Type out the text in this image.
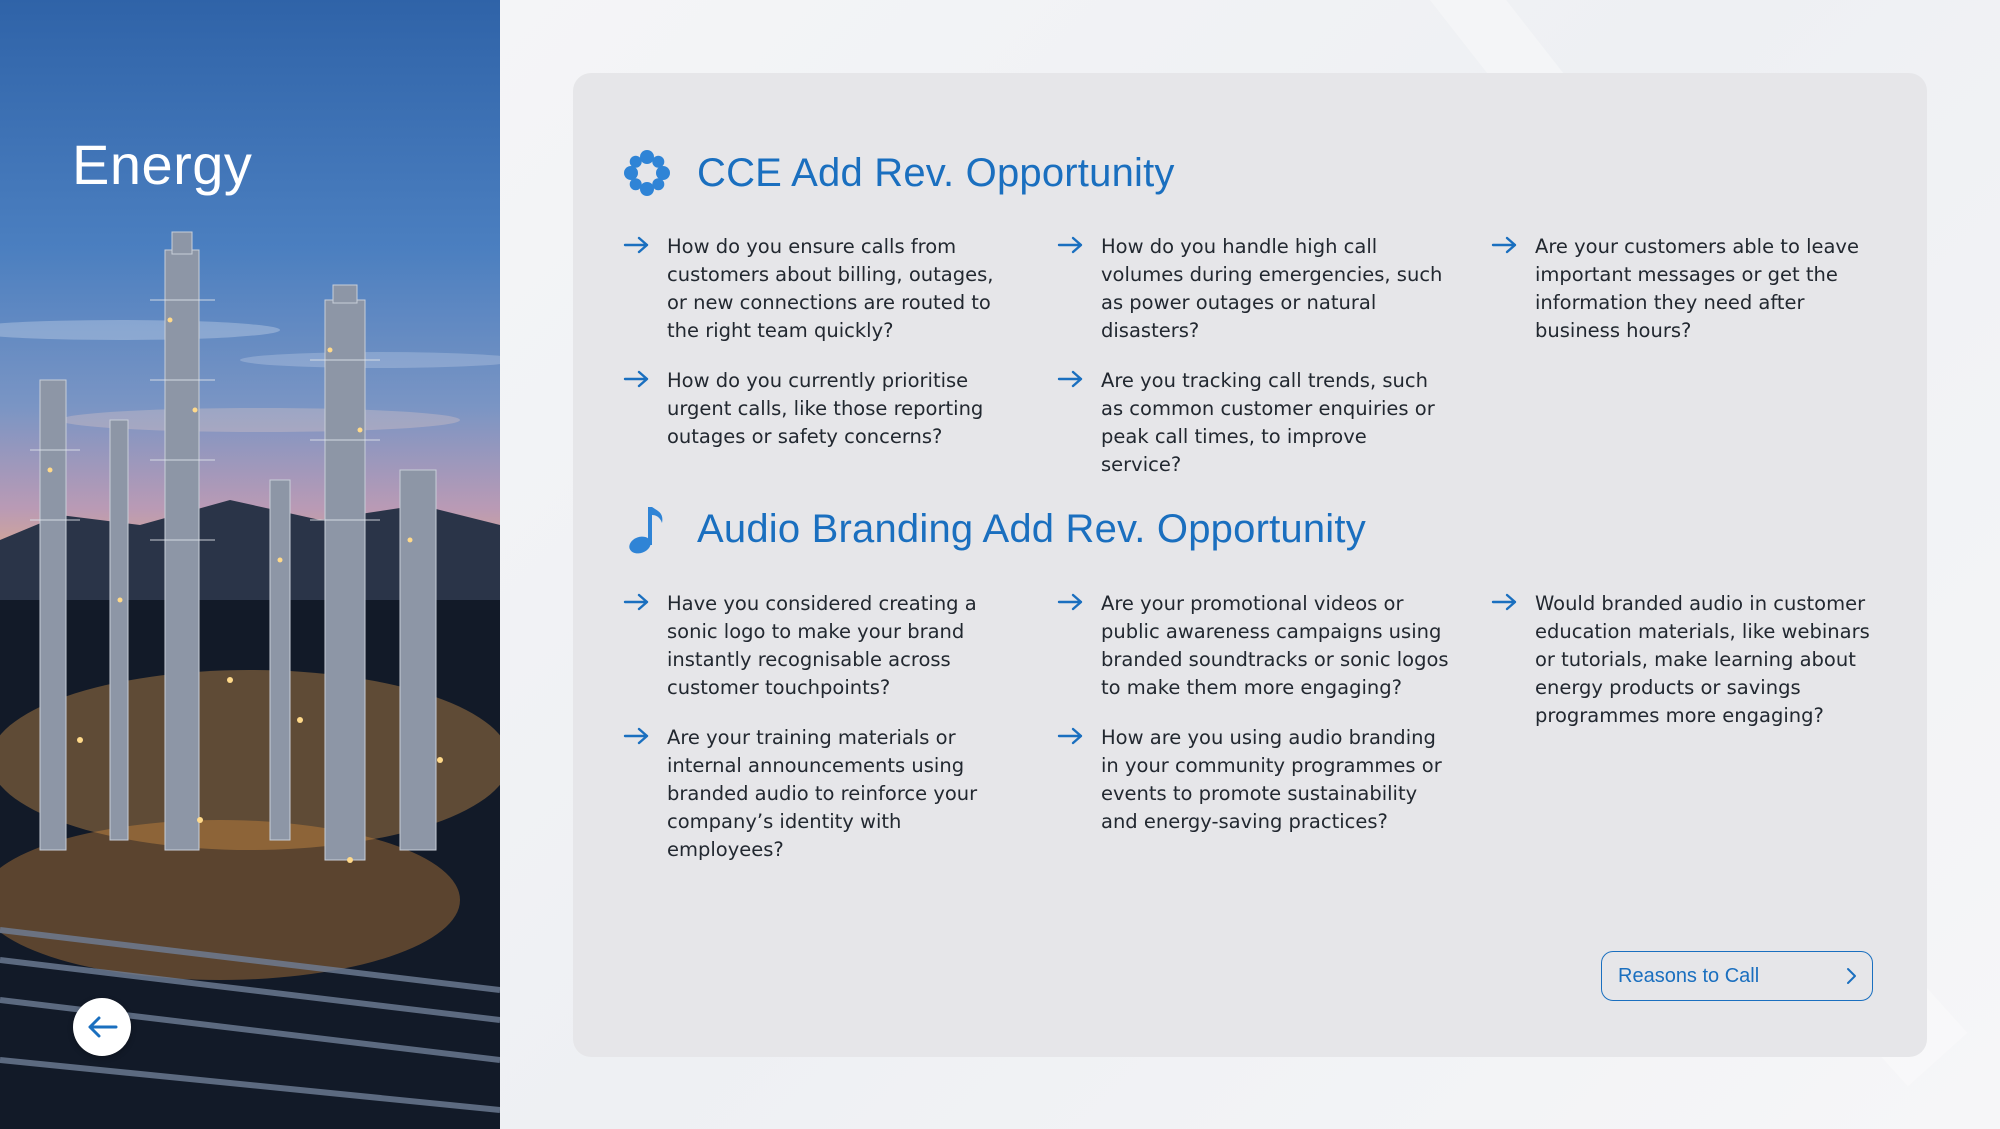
Energy	CCE Add Rev. Opportunity
How do you ensure calls from customers about billing, outages, or new connections are routed to the right team quickly?
How do you handle high call volumes during emergencies, such as power outages or natural disasters?
Are your customers able to leave important messages or get the information they need after business hours?
How do you currently prioritise urgent calls, like those reporting outages or safety concerns?
Are you tracking call trends, such as common customer enquiries or peak call times, to improve service?
Audio Branding Add Rev. Opportunity
Have you considered creating a sonic logo to make your brand instantly recognisable across customer touchpoints?
Are your promotional videos or public awareness campaigns using branded soundtracks or sonic logos to make them more engaging?
Would branded audio in customer education materials, like webinars or tutorials, make learning about energy products or savings programmes more engaging?
Are your training materials or internal announcements using branded audio to reinforce your company’s identity with employees?
How are you using audio branding in your community programmes or events to promote sustainability and energy-saving practices?
Reasons to Call
